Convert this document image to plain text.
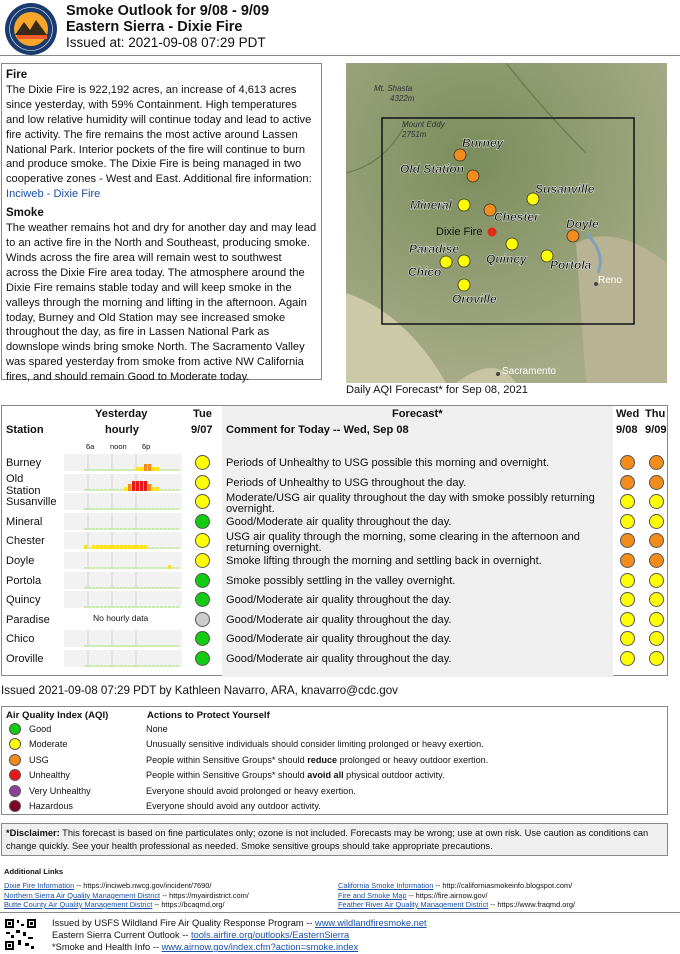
Smoke Outlook for 9/08 - 9/09
Eastern Sierra - Dixie Fire
Issued at: 2021-09-08 07:29 PDT
Fire

The Dixie Fire is 922,192 acres, an increase of 4,613 acres since yesterday, with 59% Containment. High temperatures and low relative humidity will continue today and lead to active fire activity. The fire remains the most active around Lassen National Park. Interior pockets of the fire will continue to burn and produce smoke. The Dixie Fire is being managed in two cooperative zones - West and East. Additional fire information: Inciweb - Dixie Fire

Smoke

The weather remains hot and dry for another day and may lead to an active fire in the North and Southeast, producing smoke. Winds across the fire area will remain west to southwest across the Dixie Fire area today. The atmosphere around the Dixie Fire remains stable today and will keep smoke in the valleys through the morning and lifting in the afternoon. Again today, Burney and Old Station may see increased smoke throughout the day, as fire in Lassen National Park as downslope winds bring smoke North. The Sacramento Valley was spared yesterday from smoke from active NW California fires, and should remain Good to Moderate today.

Mt. Shasta
4322m
Mount Eddy
2751m
Dixie Fire
Reno
Sacramento
Burney
Old Station
Susanville
Mineral
Chester Doyle
Paradise
Quincy Portola
Chico
Oroville
Daily AQI Forecast* for Sep 08, 2021
Yesterday
hourly
Station
Tue
9/07
Forecast*
Comment for Today -- Wed, Sep 08
Wed
9/08
Thu
9/09
6a noon 6p
Burney	Periods of Unhealthy to USG possible this morning and overnight.
Old
Station
Periods of Unhealthy to USG throughout the day.
Susanville	Moderate/USG air quality throughout the day with smoke possibly returning overnight.
Mineral	Good/Moderate air quality throughout the day.
Chester	USG air quality through the morning, some clearing in the afternoon and returning overnight.
Doyle	Smoke lifting through the morning and settling back in overnight.
Portola	Smoke possibly settling in the valley overnight.
Quincy	Good/Moderate air quality throughout the day.
Paradise	No hourly data	Good/Moderate air quality throughout the day.
Chico	Good/Moderate air quality throughout the day.
Oroville	Good/Moderate air quality throughout the day.
Issued 2021-09-08 07:29 PDT by Kathleen Navarro, ARA, knavarro@cdc.gov
Air Quality Index (AQI)	Actions to Protect Yourself
Good	None
Moderate	Unusually sensitive individuals should consider limiting prolonged or heavy exertion.
USG	People within Sensitive Groups* should reduce prolonged or heavy outdoor exertion.
Unhealthy	People within Sensitive Groups* should avoid all physical outdoor activity.
Very Unhealthy	Everyone should avoid prolonged or heavy exertion.
Hazardous	Everyone should avoid any outdoor activity.
*Disclaimer: This forecast is based on fine particulates only; ozone is not included. Forecasts may be wrong; use at own risk. Use caution as conditions can change quickly. See your health professional as needed. Smoke sensitive groups should take appropriate precautions.
Additional Links
Dixie Fire Information -- https://inciweb.nwcg.gov/incident/7690/
Northern Sierra Air Quality Management District -- https://myairdistrict.com/
Butte County Air Quality Management District -- https://bcaqmd.org/
California Smoke Information -- http://californiasmokeinfo.blogspot.com/
Fire and Smoke Map -- https://fire.airnow.gov/
Feather River Air Quality Management District -- https://www.fraqmd.org/
Issued by USFS Wildland Fire Air Quality Response Program -- www.wildlandfiresmoke.net
Eastern Sierra Current Outlook -- tools.airfire.org/outlooks/EasternSierra
*Smoke and Health Info -- www.airnow.gov/index.cfm?action=smoke.index
